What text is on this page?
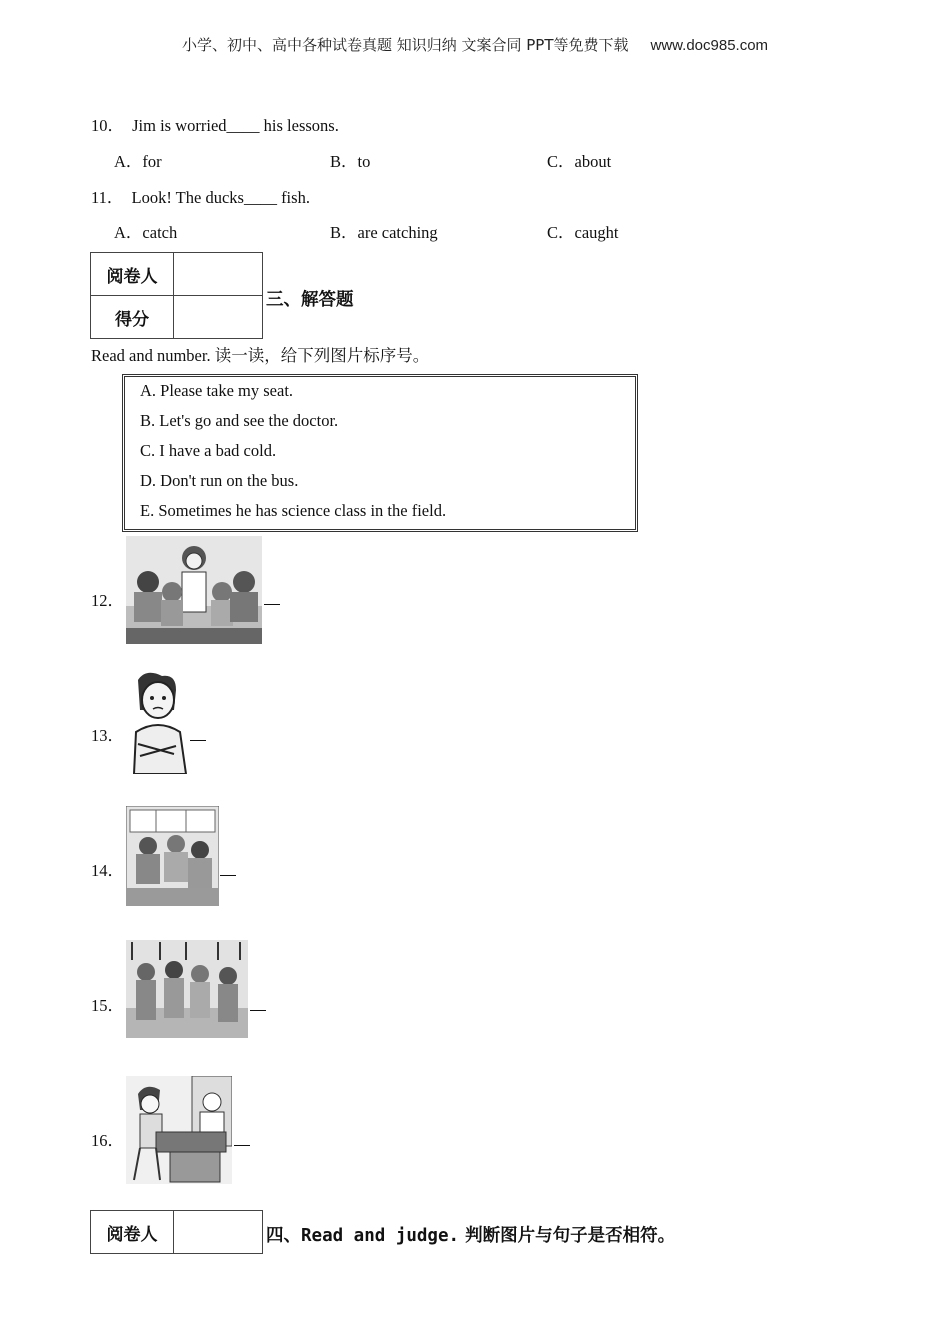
小学、初中、高中各种试卷真题 知识归纳 文案合同 PPT等免费下载 www.doc985.com
10． Jim is worried____ his lessons.
A．for	B．to	C．about
11． Look! The ducks____ fish.
A．catch	B．are catching	C．caught
阅卷人	
得分	
三、解答题
Read and number. 读一读，给下列图片标序号。
A. Please take my seat.
B. Let's go and see the doctor.
C. I have a bad cold.
D. Don't run on the bus.
E. Sometimes he has science class in the field.
12．
13．
14．
15．
16．
阅卷人		四、Read and judge. 判断图片与句子是否相符。
